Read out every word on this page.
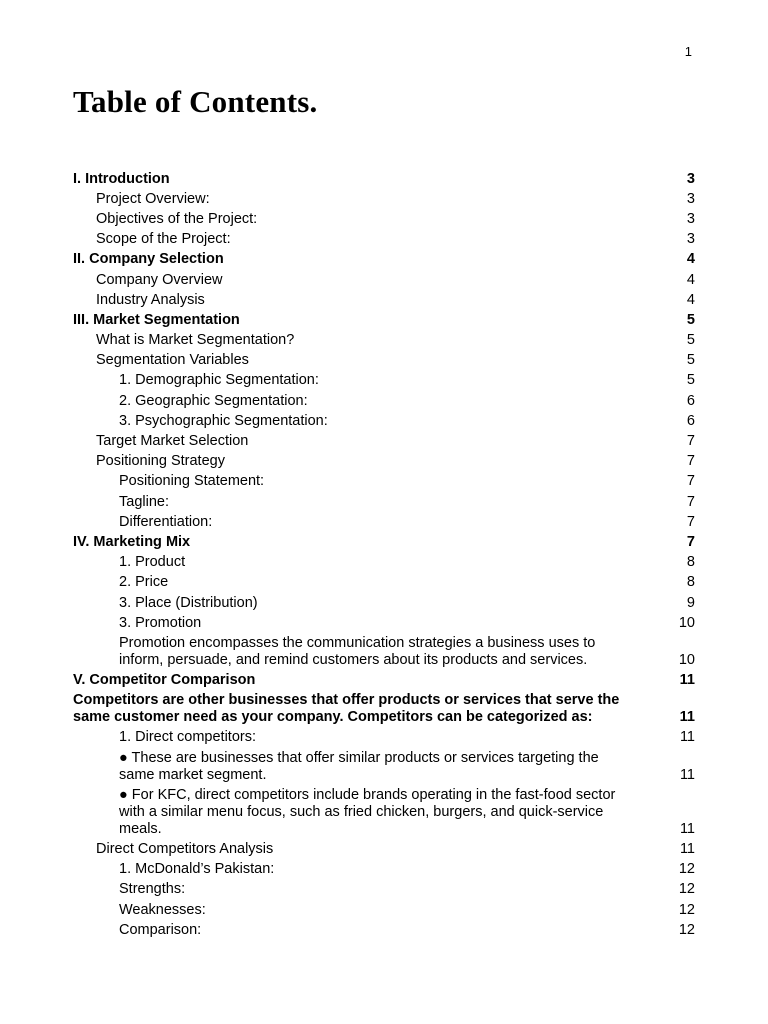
1
Table of Contents.
I. Introduction	3
Project Overview:	3
Objectives of the Project:	3
Scope of the Project:	3
II. Company Selection	4
Company Overview	4
Industry Analysis	4
III. Market Segmentation	5
What is Market Segmentation?	5
Segmentation Variables	5
1. Demographic Segmentation:	5
2. Geographic Segmentation:	6
3. Psychographic Segmentation:	6
Target Market Selection	7
Positioning Strategy	7
Positioning Statement:	7
Tagline:	7
Differentiation:	7
IV. Marketing Mix	7
1. Product	8
2. Price	8
3. Place (Distribution)	9
3. Promotion	10
Promotion encompasses the communication strategies a business uses to inform, persuade, and remind customers about its products and services.	10
V. Competitor Comparison	11
Competitors are other businesses that offer products or services that serve the same customer need as your company. Competitors can be categorized as:	11
1. Direct competitors:	11
● These are businesses that offer similar products or services targeting the same market segment.	11
● For KFC, direct competitors include brands operating in the fast-food sector with a similar menu focus, such as fried chicken, burgers, and quick-service meals.	11
Direct Competitors Analysis	11
1. McDonald’s Pakistan:	12
Strengths:	12
Weaknesses:	12
Comparison:	12
